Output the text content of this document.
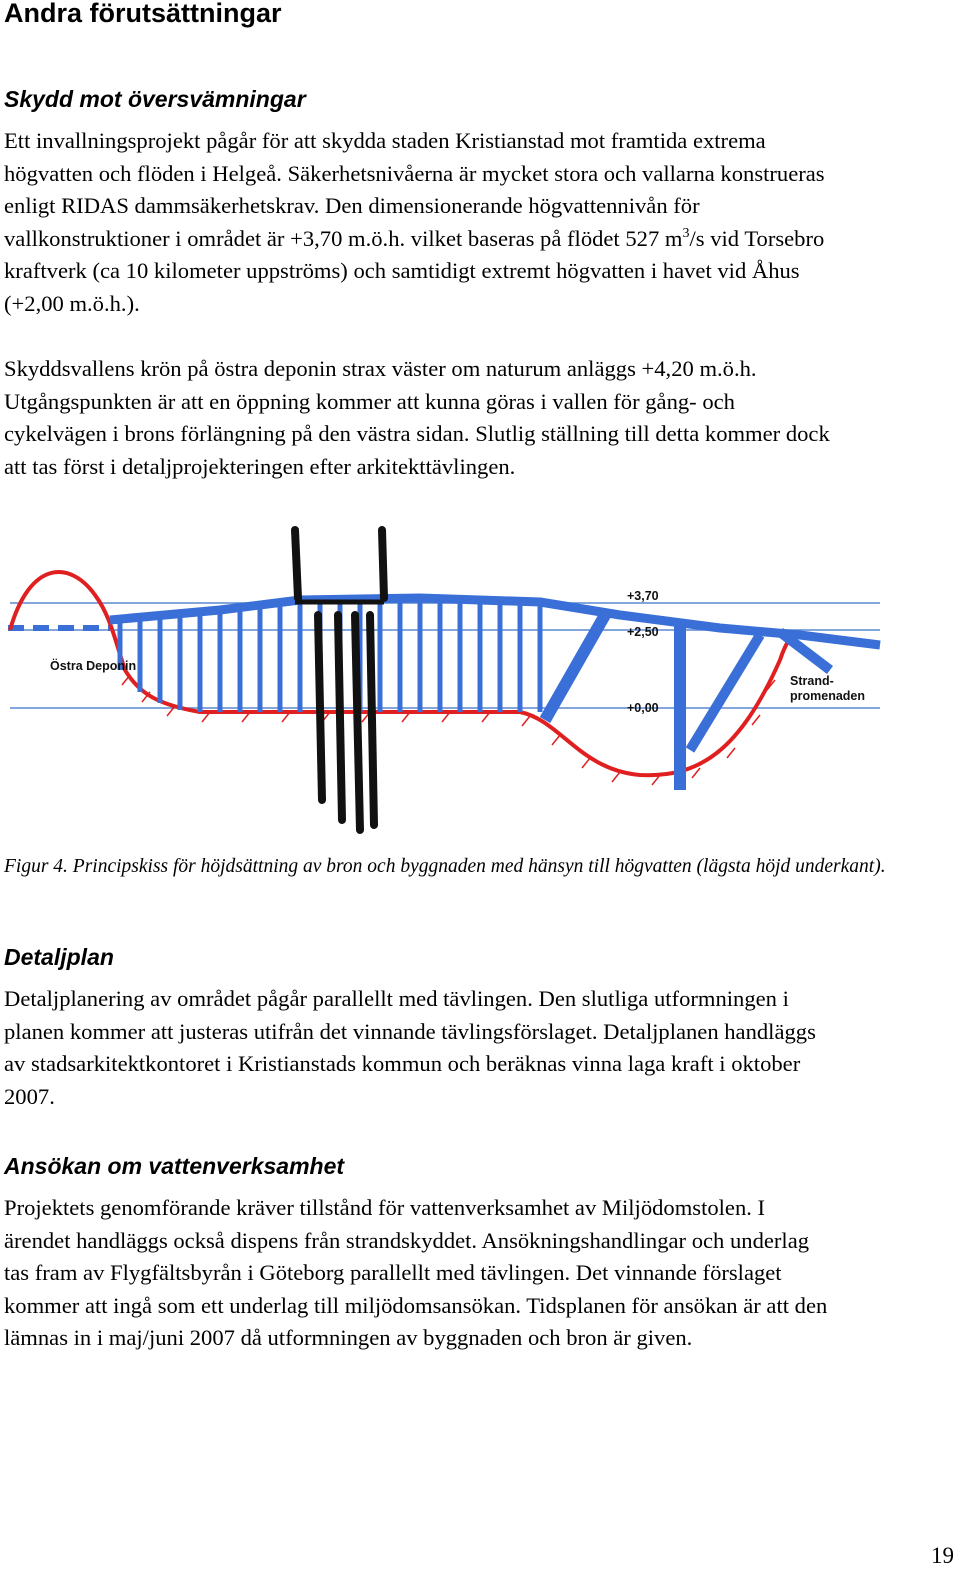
Andra förutsättningar
Skydd mot översvämningar

Ett invallningsprojekt pågår för att skydda staden Kristianstad mot framtida extrema
högvatten och flöden i Helgeå. Säkerhetsnivåerna är mycket stora och vallarna konstrueras
enligt RIDAS dammsäkerhetskrav. Den dimensionerande högvattennivån för
vallkonstruktioner i området är +3,70 m.ö.h. vilket baseras på flödet 527 $m^3/s$ vid Torsebro
kraftverk (ca 10 kilometer uppströms) och samtidigt extremt högvatten i havet vid Åhus
(+2,00 m.ö.h.).

Skyddsvallens krön på östra deponin strax väster om naturum anläggs +4,20 m.ö.h.
Utgångspunkten är att en öppning kommer att kunna göras i vallen för gång- och
cykelvägen i brons förlängning på den västra sidan. Slutlig ställning till detta kommer dock
att tas först i detaljprojekteringen efter arkitekttävlingen.

Östra Deponin
Strand-
promenaden
+3,70
+2,50
+0,00

Figur 4. Principskiss för höjdsättning av bron och byggnaden med hänsyn till högvatten (lägsta höjd underkant).

Detaljplan

Detaljplanering av området pågår parallellt med tävlingen. Den slutliga utformningen i
planen kommer att justeras utifrån det vinnande tävlingsförslaget. Detaljplanen handläggs
av stadsarkitektkontoret i Kristianstads kommun och beräknas vinna laga kraft i oktober
2007.

Ansökan om vattenverksamhet

Projektets genomförande kräver tillstånd för vattenverksamhet av Miljödomstolen. I
ärendet handläggs också dispens från strandskyddet. Ansökningshandlingar och underlag
tas fram av Flygfältsbyrån i Göteborg parallellt med tävlingen. Det vinnande förslaget
kommer att ingå som ett underlag till miljödomsansökan. Tidsplanen för ansökan är att den
lämnas in i maj/juni 2007 då utformningen av byggnaden och bron är given.

19
